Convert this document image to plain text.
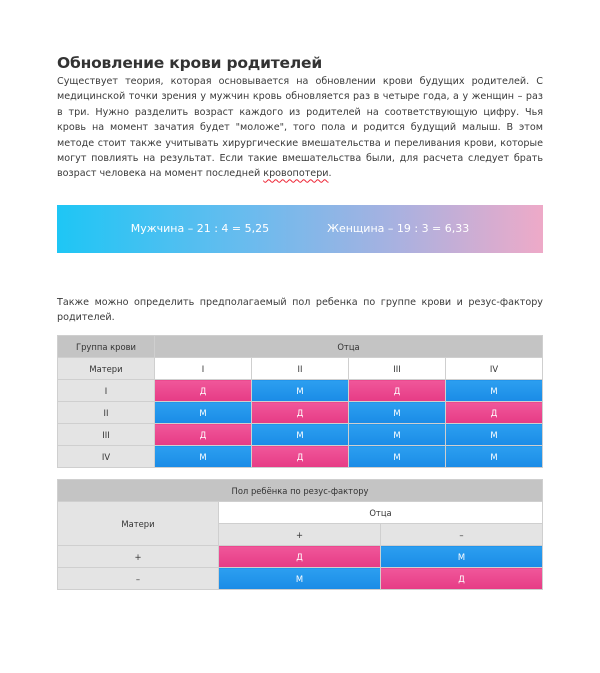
Обновление крови родителей

Существует теория, которая основывается на обновлении крови будущих родителей. С медицинской точки зрения у мужчин кровь обновляется раз в четыре года, а у женщин – раз в три. Нужно разделить возраст каждого из родителей на соответствующую цифру. Чья кровь на момент зачатия будет "моложе", того пола и родится будущий малыш. В этом методе стоит также учитывать хирургические вмешательства и переливания крови, которые могут повлиять на результат. Если такие вмешательства были, для расчета следует брать возраст человека на момент последней кровопотери.

Мужчина – 21 : 4 = 5,25	Женщина – 19 : 3 = 6,33

Также можно определить предполагаемый пол ребенка по группе крови и резус-фактору родителей.

Группа крови	Отца			
Матери	I	II	III	IV
I	Д	М	Д	М
II	М	Д	М	Д
III	Д	М	М	М
IV	М	Д	М	М
Пол ребёнка по резус-фактору		
Матери	Отца	
	+	–
+	Д	М
–	М	Д
